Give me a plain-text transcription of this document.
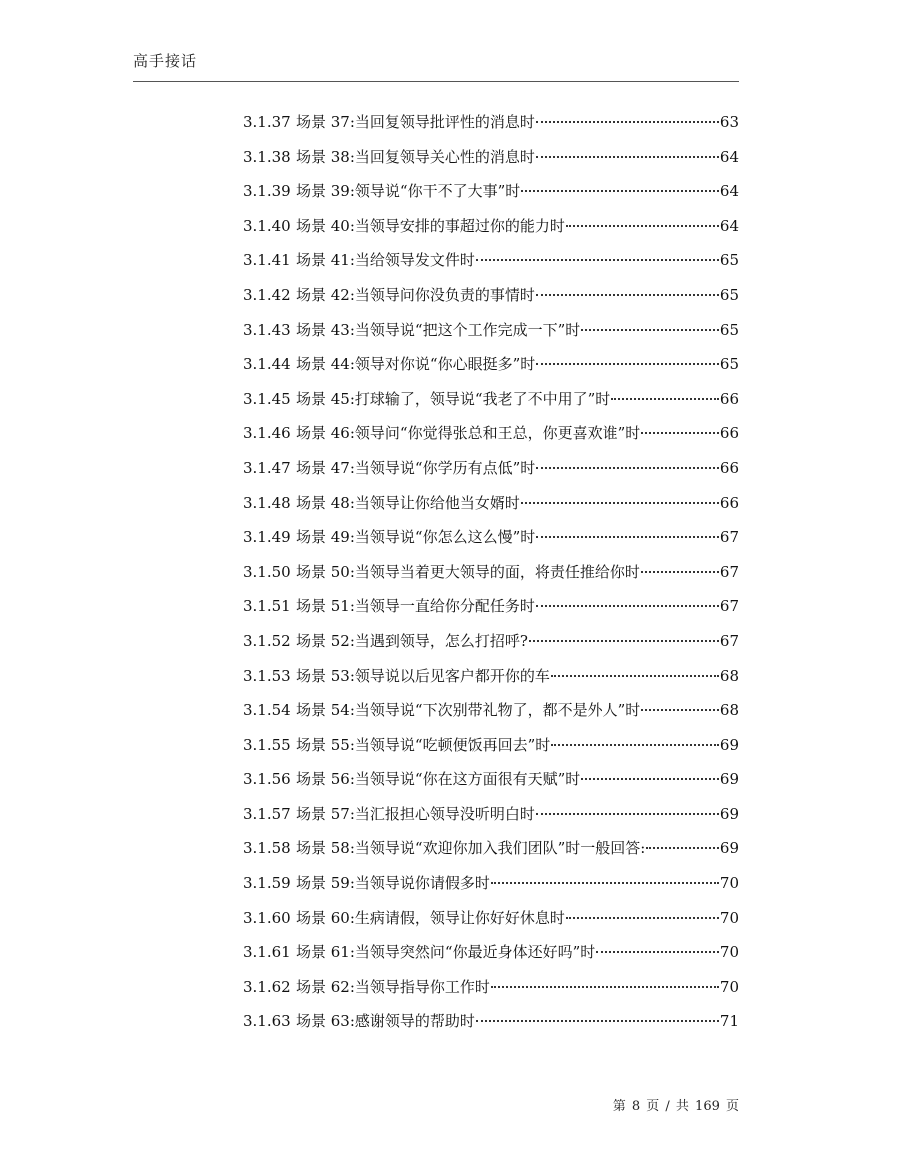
高手接话
3.1.37 场景 37:当回复领导批评性的消息时	63
3.1.38 场景 38:当回复领导关心性的消息时	64
3.1.39 场景 39:领导说“你干不了大事”时	64
3.1.40 场景 40:当领导安排的事超过你的能力时	64
3.1.41 场景 41:当给领导发文件时	65
3.1.42 场景 42:当领导问你没负责的事情时	65
3.1.43 场景 43:当领导说“把这个工作完成一下”时	65
3.1.44 场景 44:领导对你说“你心眼挺多”时	65
3.1.45 场景 45:打球输了，领导说“我老了不中用了”时	66
3.1.46 场景 46:领导问“你觉得张总和王总，你更喜欢谁”时	66
3.1.47 场景 47:当领导说“你学历有点低”时	66
3.1.48 场景 48:当领导让你给他当女婿时	66
3.1.49 场景 49:当领导说“你怎么这么慢”时	67
3.1.50 场景 50:当领导当着更大领导的面，将责任推给你时	67
3.1.51 场景 51:当领导一直给你分配任务时	67
3.1.52 场景 52:当遇到领导，怎么打招呼?	67
3.1.53 场景 53:领导说以后见客户都开你的车	68
3.1.54 场景 54:当领导说“下次别带礼物了，都不是外人”时	68
3.1.55 场景 55:当领导说“吃顿便饭再回去”时	69
3.1.56 场景 56:当领导说“你在这方面很有天赋”时	69
3.1.57 场景 57:当汇报担心领导没听明白时	69
3.1.58 场景 58:当领导说“欢迎你加入我们团队”时一般回答:	69
3.1.59 场景 59:当领导说你请假多时	70
3.1.60 场景 60:生病请假，领导让你好好休息时	70
3.1.61 场景 61:当领导突然问“你最近身体还好吗”时	70
3.1.62 场景 62:当领导指导你工作时	70
3.1.63 场景 63:感谢领导的帮助时	71
第 8 页 / 共 169 页
